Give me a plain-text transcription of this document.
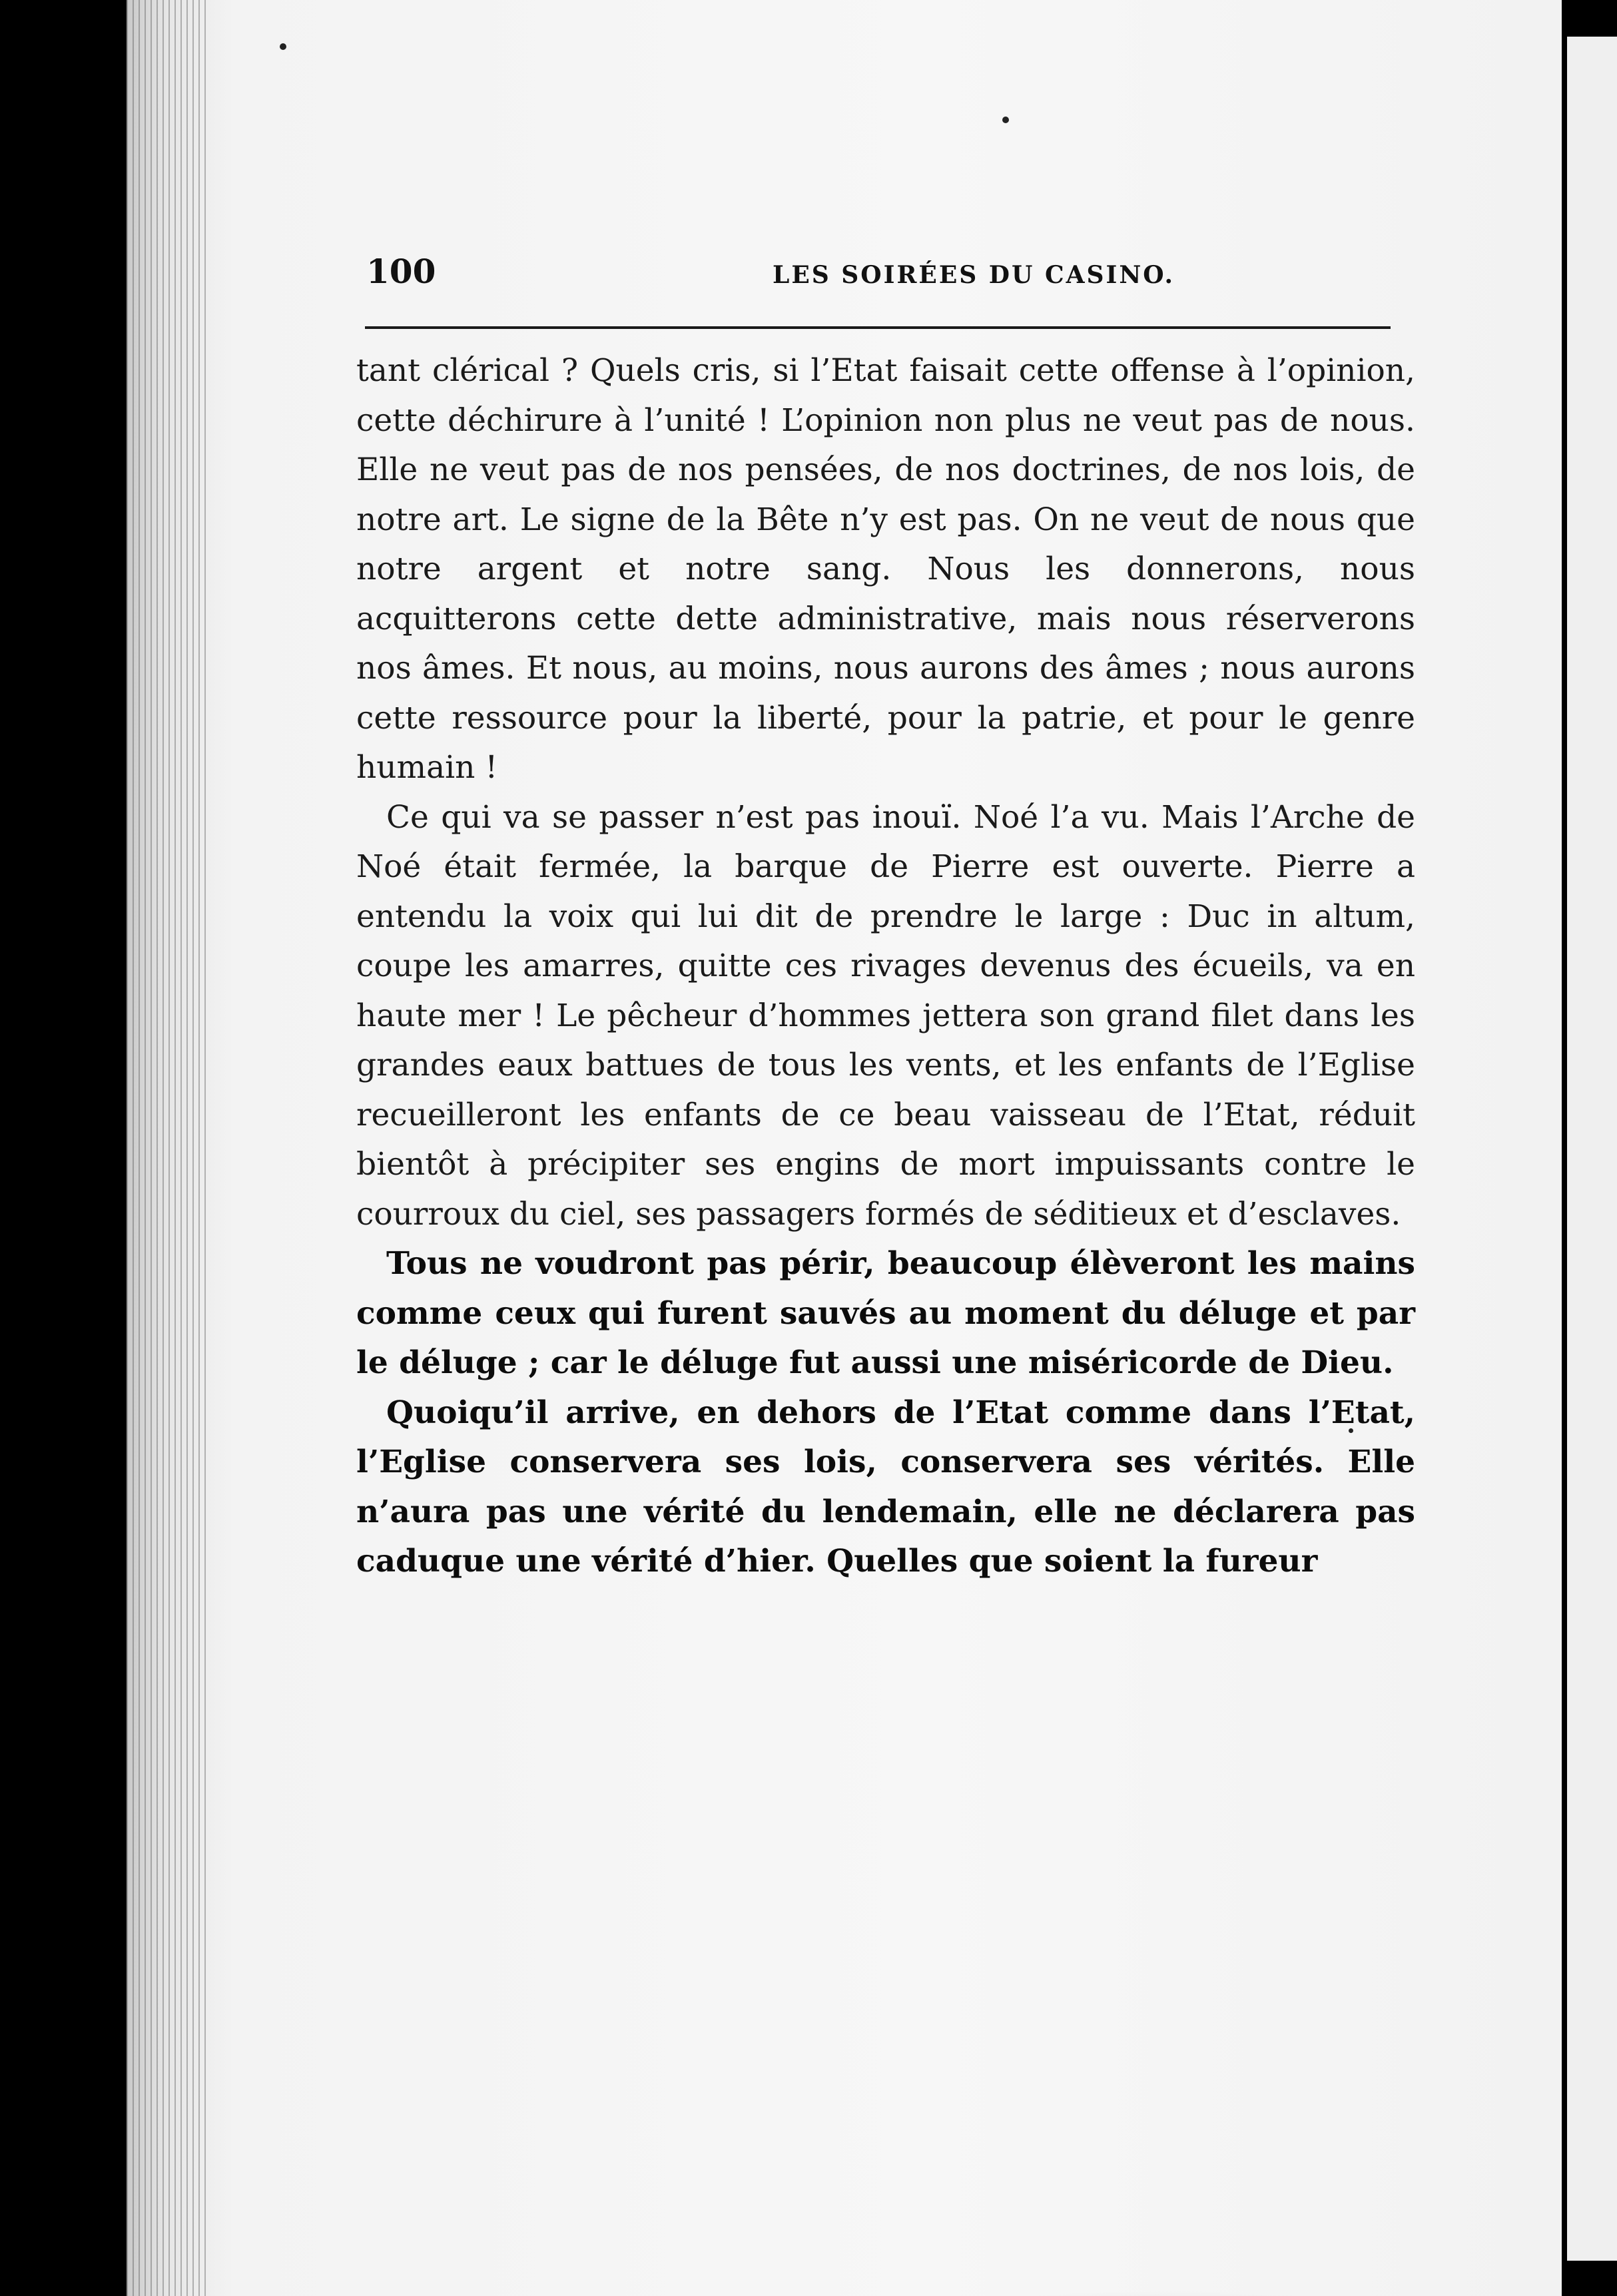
100	LES SOIRÉES DU CASINO.

tant clérical ? Quels cris, si l’Etat faisait cette offense à l’opinion, cette déchirure à l’unité ! L’opinion non plus ne veut pas de nous. Elle ne veut pas de nos pensées, de nos doctrines, de nos lois, de notre art. Le signe de la Bête n’y est pas. On ne veut de nous que notre argent et notre sang. Nous les donnerons, nous acquitterons cette dette administrative, mais nous réserverons nos âmes. Et nous, au moins, nous aurons des âmes ; nous aurons cette ressource pour la liberté, pour la patrie, et pour le genre humain !

Ce qui va se passer n’est pas inouï. Noé l’a vu. Mais l’Arche de Noé était fermée, la barque de Pierre est ouverte. Pierre a entendu la voix qui lui dit de prendre le large : Duc in altum, coupe les amarres, quitte ces rivages devenus des écueils, va en haute mer ! Le pêcheur d’hommes jettera son grand filet dans les grandes eaux battues de tous les vents, et les enfants de l’Eglise recueilleront les enfants de ce beau vaisseau de l’Etat, réduit bientôt à précipiter ses engins de mort impuissants contre le courroux du ciel, ses passagers formés de séditieux et d’esclaves.

Tous ne voudront pas périr, beaucoup élèveront les mains comme ceux qui furent sauvés au moment du déluge et par le déluge ; car le déluge fut aussi une miséricorde de Dieu.

Quoiqu’il arrive, en dehors de l’Etat comme dans l’Etat, l’Eglise conservera ses lois, conservera ses vérités. Elle n’aura pas une vérité du lendemain, elle ne déclarera pas caduque une vérité d’hier. Quelles que soient la fureur
